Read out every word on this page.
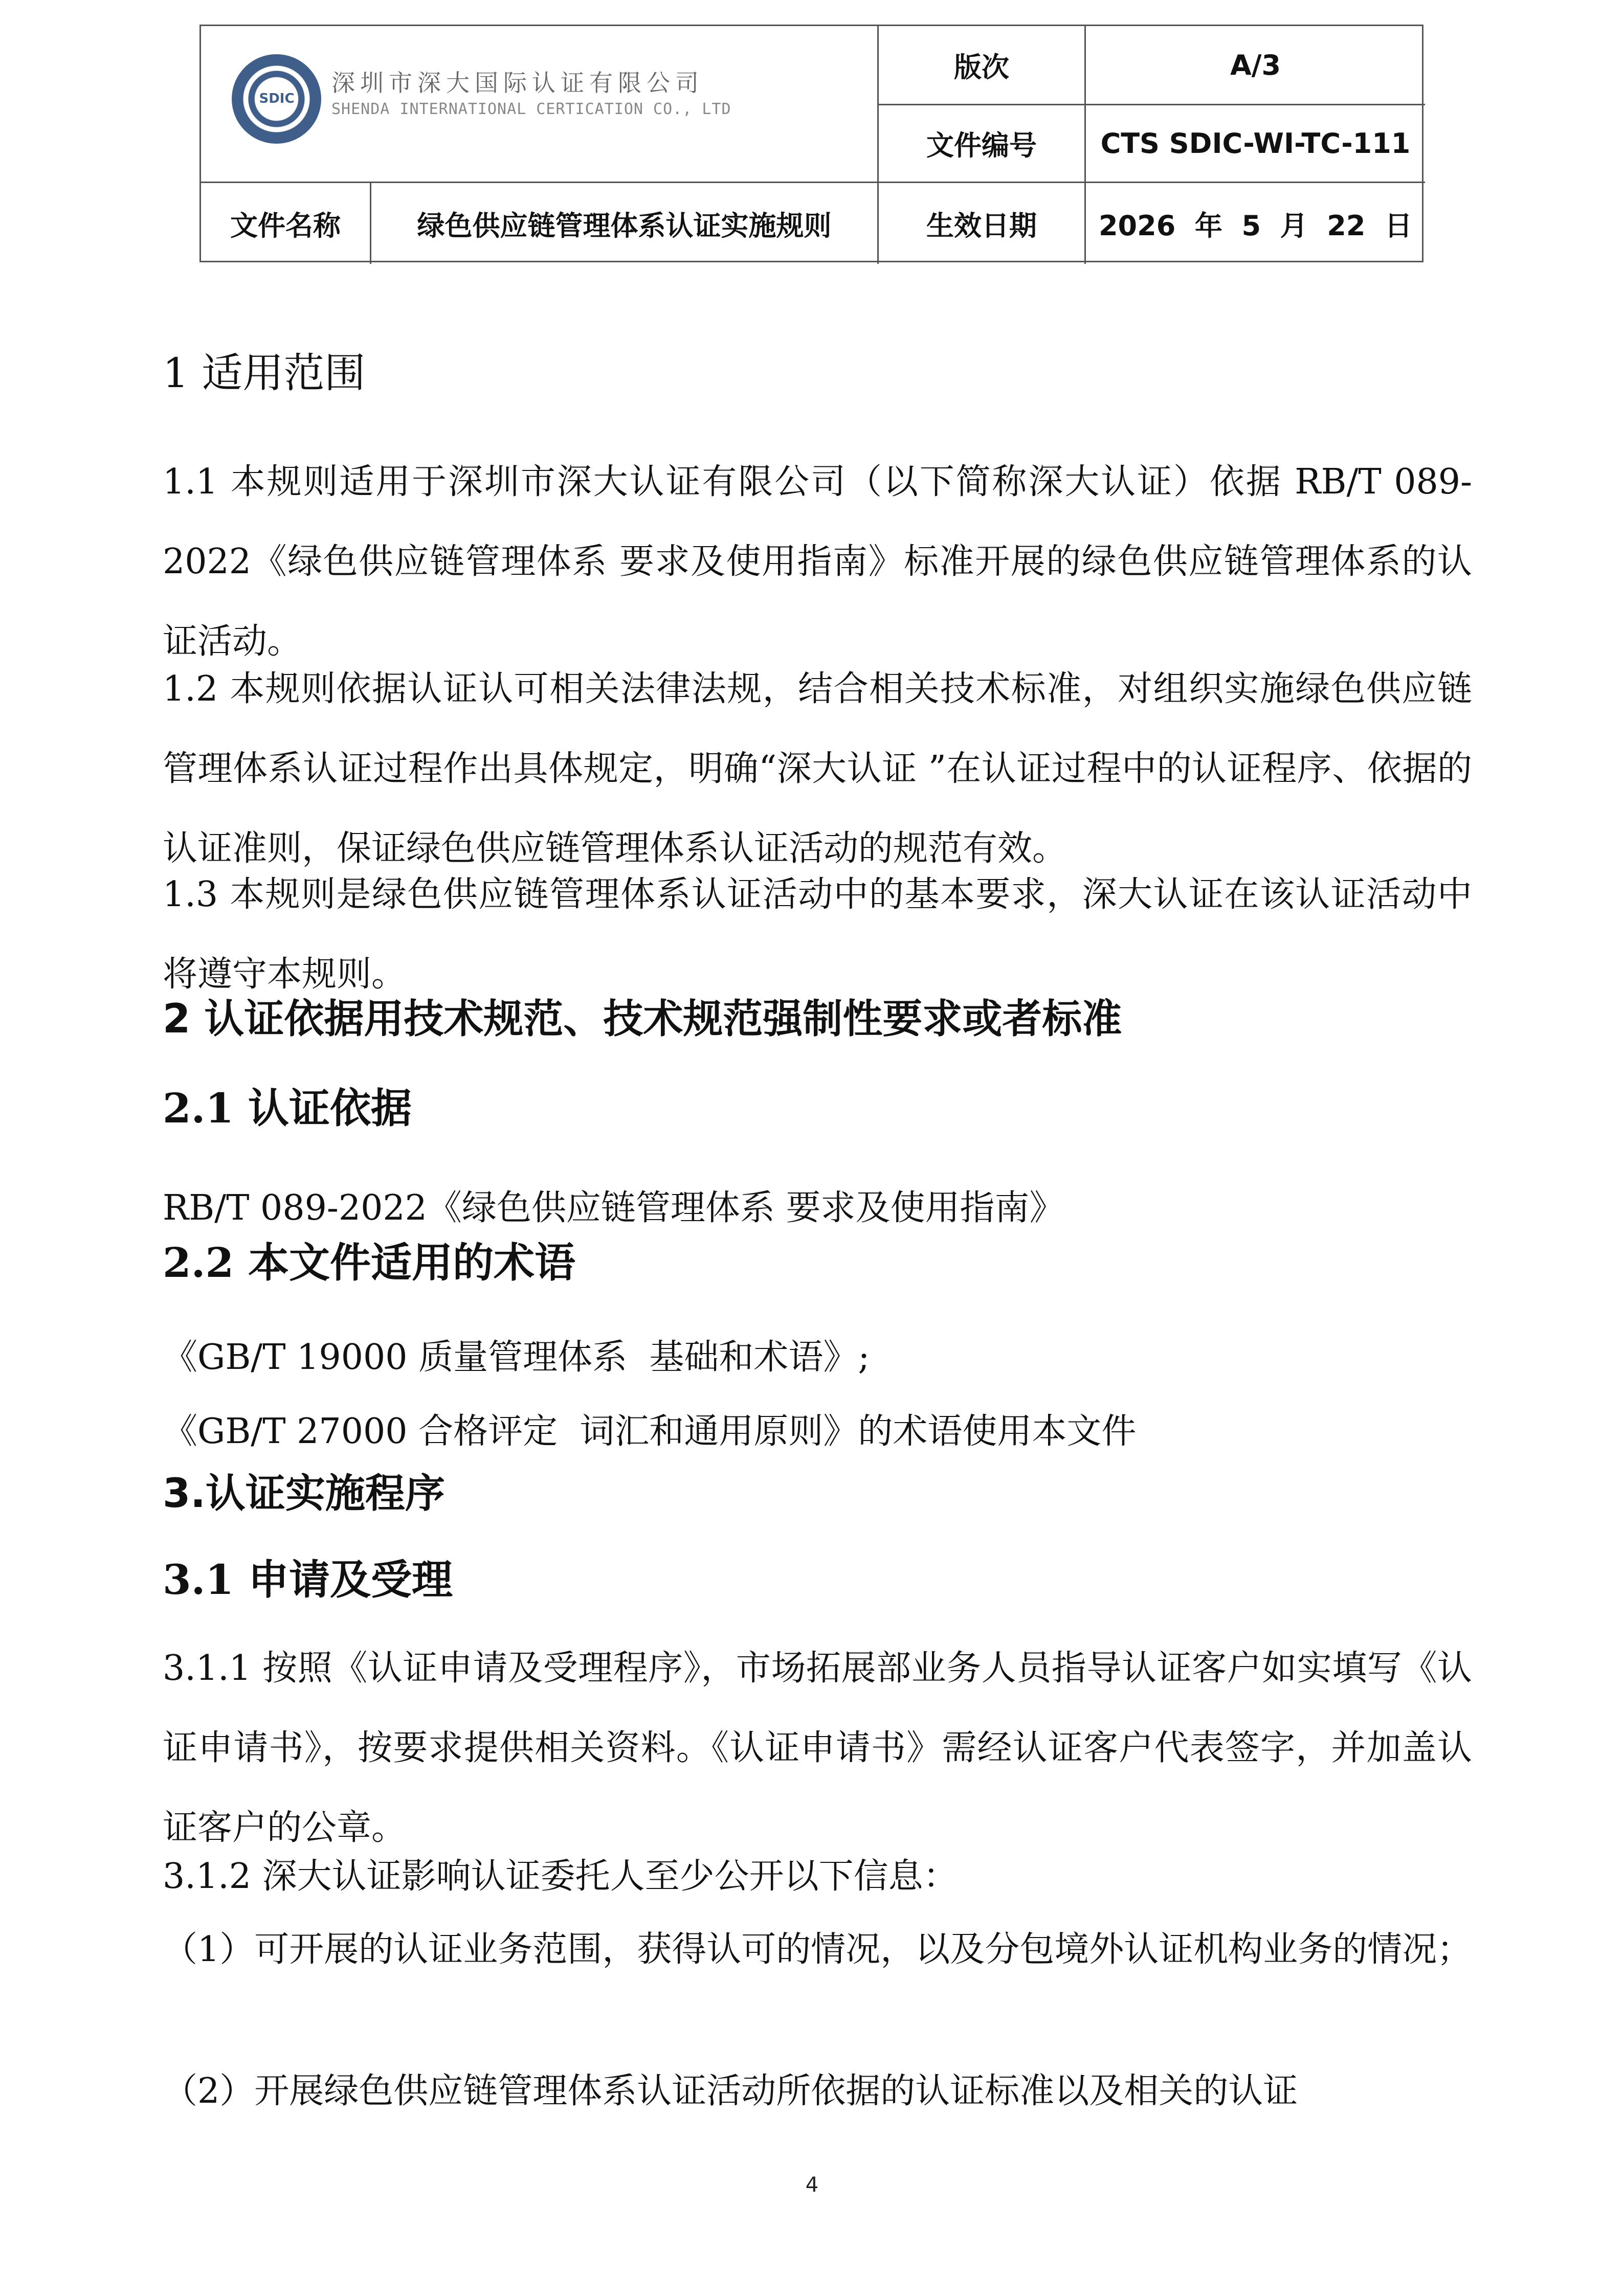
SDIC
深圳市深大国际认证有限公司
SHENDA INTERNATIONAL CERTICATION CO., LTD
版次	A/3
文件编号	CTS SDIC-WI-TC-111
文件名称	绿色供应链管理体系认证实施规则	生效日期	2026  年  5  月  22  日
1 适用范围

1.1 本规则适用于深圳市深大认证有限公司（以下简称深大认证）依据 RB/T 089-2022《绿色供应链管理体系 要求及使用指南》标准开展的绿色供应链管理体系的认证活动。

1.2 本规则依据认证认可相关法律法规，结合相关技术标准，对组织实施绿色供应链管理体系认证过程作出具体规定，明确“深大认证 ”在认证过程中的认证程序、依据的认证准则，保证绿色供应链管理体系认证活动的规范有效。

1.3 本规则是绿色供应链管理体系认证活动中的基本要求，深大认证在该认证活动中将遵守本规则。

2 认证依据用技术规范、技术规范强制性要求或者标准
2.1 认证依据

RB/T 089-2022《绿色供应链管理体系 要求及使用指南》

2.2 本文件适用的术语

《GB/T 19000 质量管理体系  基础和术语》;

《GB/T 27000 合格评定  词汇和通用原则》的术语使用本文件

3.认证实施程序
3.1 申请及受理

3.1.1 按照《认证申请及受理程序》，市场拓展部业务人员指导认证客户如实填写《认证申请书》，按要求提供相关资料。《认证申请书》需经认证客户代表签字，并加盖认证客户的公章。

3.1.2 深大认证影响认证委托人至少公开以下信息：

（1）可开展的认证业务范围，获得认可的情况，以及分包境外认证机构业务的情况；

（2）开展绿色供应链管理体系认证活动所依据的认证标准以及相关的认证

4
